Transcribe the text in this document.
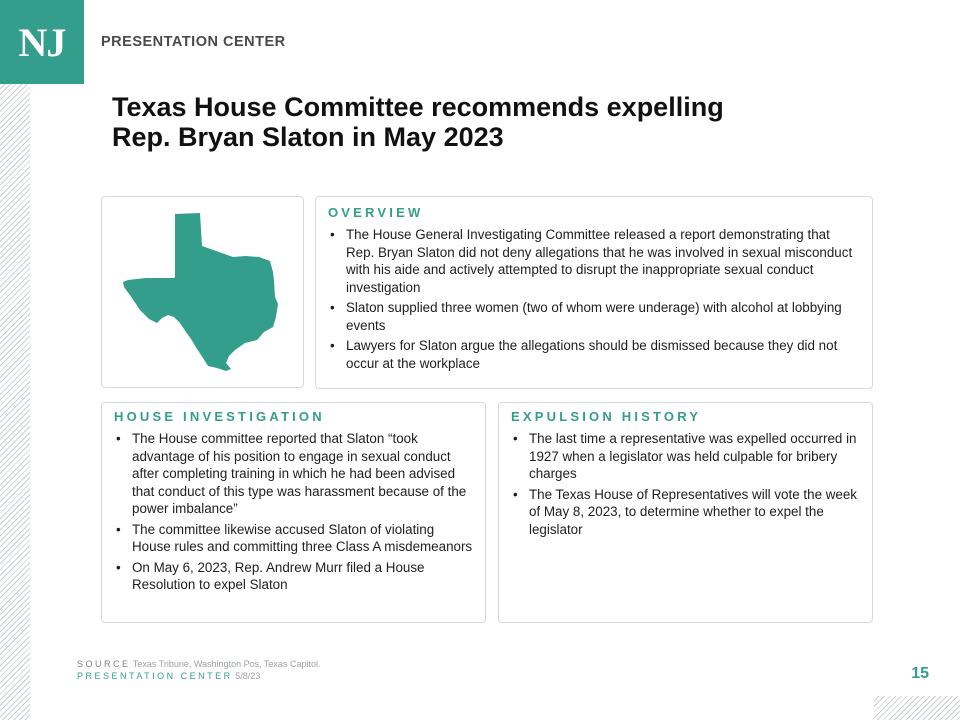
NJ	PRESENTATION CENTER
Texas House Committee recommends expelling
Rep. Bryan Slaton in May 2023
OVERVIEW
• The House General Investigating Committee released a report demonstrating that Rep. Bryan Slaton did not deny allegations that he was involved in sexual misconduct with his aide and actively attempted to disrupt the inappropriate sexual conduct investigation
• Slaton supplied three women (two of whom were underage) with alcohol at lobbying events
• Lawyers for Slaton argue the allegations should be dismissed because they did not occur at the workplace
HOUSE INVESTIGATION
• The House committee reported that Slaton “took advantage of his position to engage in sexual conduct after completing training in which he had been advised that conduct of this type was harassment because of the power imbalance”
• The committee likewise accused Slaton of violating House rules and committing three Class A misdemeanors
• On May 6, 2023, Rep. Andrew Murr filed a House Resolution to expel Slaton
EXPULSION HISTORY
• The last time a representative was expelled occurred in 1927 when a legislator was held culpable for bribery charges
• The Texas House of Representatives will vote the week of May 8, 2023, to determine whether to expel the legislator
SOURCE Texas Tribune, Washington Pos, Texas Capitol.
PRESENTATION CENTER 5/8/23	15
